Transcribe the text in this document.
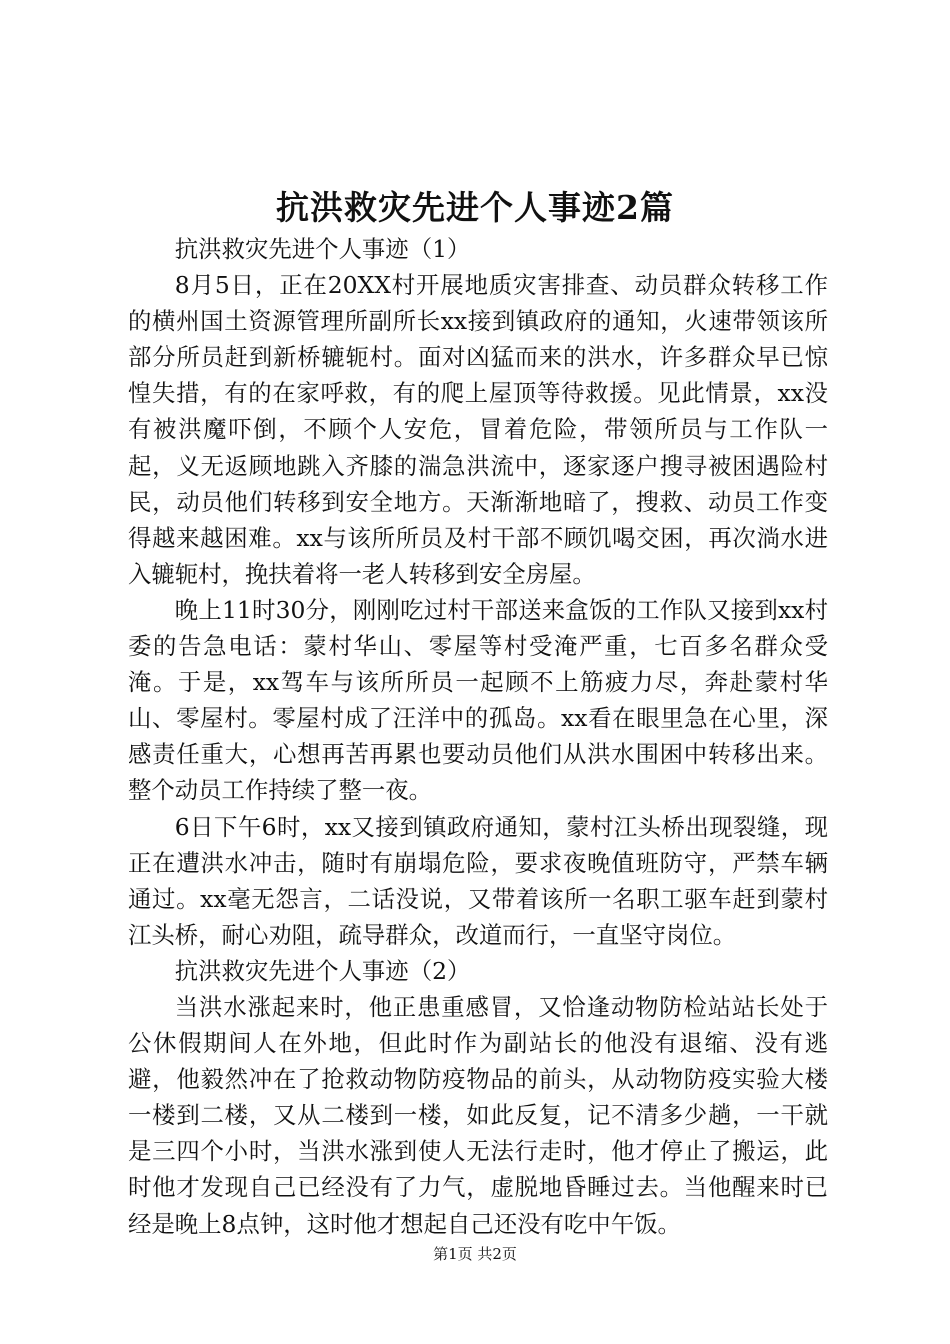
抗洪救灾先进个人事迹2篇

抗洪救灾先进个人事迹（1）

8月5日，正在20XX村开展地质灾害排查、动员群众转移工作的横州国土资源管理所副所长xx接到镇政府的通知，火速带领该所部分所员赶到新桥辘轭村。面对凶猛而来的洪水，许多群众早已惊惶失措，有的在家呼救，有的爬上屋顶等待救援。见此情景，xx没有被洪魔吓倒，不顾个人安危，冒着危险，带领所员与工作队一起，义无返顾地跳入齐膝的湍急洪流中，逐家逐户搜寻被困遇险村民，动员他们转移到安全地方。天渐渐地暗了，搜救、动员工作变得越来越困难。xx与该所所员及村干部不顾饥喝交困，再次淌水进入辘轭村，挽扶着将一老人转移到安全房屋。

晚上11时30分，刚刚吃过村干部送来盒饭的工作队又接到xx村委的告急电话：蒙村华山、零屋等村受淹严重，七百多名群众受淹。于是，xx驾车与该所所员一起顾不上筋疲力尽，奔赴蒙村华山、零屋村。零屋村成了汪洋中的孤岛。xx看在眼里急在心里，深感责任重大，心想再苦再累也要动员他们从洪水围困中转移出来。整个动员工作持续了整一夜。

6日下午6时，xx又接到镇政府通知，蒙村江头桥出现裂缝，现正在遭洪水冲击，随时有崩塌危险，要求夜晚值班防守，严禁车辆通过。xx毫无怨言，二话没说，又带着该所一名职工驱车赶到蒙村江头桥，耐心劝阻，疏导群众，改道而行，一直坚守岗位。

抗洪救灾先进个人事迹（2）

当洪水涨起来时，他正患重感冒，又恰逢动物防检站站长处于公休假期间人在外地，但此时作为副站长的他没有退缩、没有逃避，他毅然冲在了抢救动物防疫物品的前头，从动物防疫实验大楼一楼到二楼，又从二楼到一楼，如此反复，记不清多少趟，一干就是三四个小时，当洪水涨到使人无法行走时，他才停止了搬运，此时他才发现自己已经没有了力气，虚脱地昏睡过去。当他醒来时已经是晚上8点钟，这时他才想起自己还没有吃中午饭。

第1页 共2页
